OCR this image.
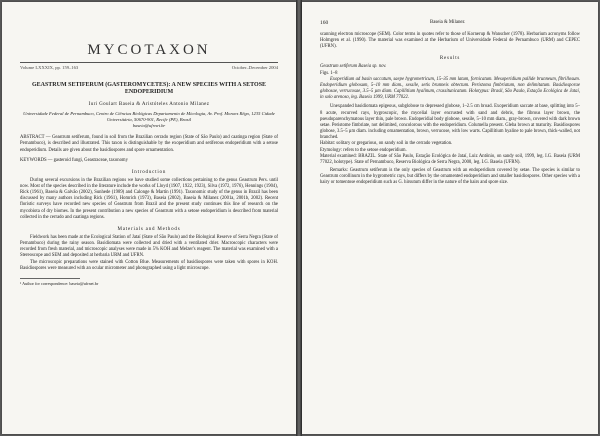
MYCOTAXON
Volume LXXXIX, pp. 159–163	October–December 2004
GEASTRUM SETIFERUM (GASTEROMYCETES): A NEW SPECIES WITH A SETOSE ENDOPERIDIUM
Iuri Goulart Baseia & Aristóteles Antonio Milanez
Universidade Federal de Pernambuco, Centro de Ciências Biológicas Departamento de Micologia, Av. Prof. Moraes Rêgo, 1235 Cidade Universitária, 50670-901, Recife (PE), Brasil
baseia@ufrnet.br

ABSTRACT — Geastrum setiferum, found in soil from the Brazilian cerrado region (State of São Paulo) and caatinga region (State of Pernambuco), is described and illustrated. This taxon is distinguishable by the exoperidium and setiferous endoperidium with a setose endoperidium. Details are given about the basidiospores and spore ornamentation.

KEYWORDS — gasteroid fungi, Geastraceae, taxonomy

Introduction

During several excursions in the Brazilian regions we have studied some collections pertaining to the genus Geastrum Pers. until now. Most of the species described in the literature include the works of Lloyd (1907, 1922, 1923), Silva (1972, 1976), Hennings (1904), Rick (1961), Baseia & Galvão (2002), Sunhede (1989) and Calonge & Martín (1991). Taxonomic study of the genus in Brazil has been discussed by many authors including Rick (1961), Homrich (1973), Baseia (2002), Baseia & Milanez (2001a, 2001b, 2002). Recent floristic surveys have recorded new species of Geastrum from Brazil and the present study continues this line of research on the mycobiota of dry biomes. In the present contribution a new species of Geastrum with a setose endoperidium is described from material collected in the cerrado and caatinga regions.

Materials and Methods

Fieldwork has been made at the Ecological Station of Jataí (State of São Paulo) and the Biological Reserve of Serra Negra (State of Pernambuco) during the rainy season. Basidiomata were collected and dried with a ventilated drier. Macroscopic characters were recorded from fresh material, and microscopic analyses were made in 5% KOH and Melzer's reagent. The material was examined with a Stereoscope and SEM and deposited at herbaria URM and UFRN.

The microscopic preparations were stained with Cotton Blue. Measurements of basidiospores were taken with spores in KOH. Basidiospores were measured with an ocular micrometer and photographed using a light microscope.

¹ Author for correspondence: baseia@ufrnet.br
160	Baseia & Milanez

scanning electron microscope (SEM). Color terms in quotes refer to those of Kornerup & Wanscher (1978). Herbarium acronyms follow Holmgren et al. (1990). The material was examined at the Herbarium of Universidade Federal de Pernambuco (URM) and CEPEC (UFRN).

Results

Geastrum setiferum Baseia sp. nov.

Figs. 1–8

Exoperidium ad basin saccatum, saepe hygrometricum, 15–35 mm latum, fornicatum. Mesoperidium pallide brunneum, fibrillosum. Endoperidium globosum, 5–10 mm diam., sessile, setis brunneis obtectum. Peristoma fimbriatum, non delimitatum. Basidiosporae globosae, verrucosae, 3.5–5 µm diam. Capillitium hyalinum, crassitunicatum. Holotypus: Brasil, São Paulo, Estação Ecológica de Jataí, in solo arenoso, leg. Baseia 1999, URM 77022.

Unexpanded basidiomata epigeous, subglobose to depressed globose, 1–2.5 cm broad. Exoperidium saccate at base, splitting into 5–8 acute, recurved rays, hygroscopic, the mycelial layer encrusted with sand and debris, the fibrous layer brown, the pseudoparenchymatous layer thin, pale brown. Endoperidial body globose, sessile, 5–10 mm diam., gray-brown, covered with dark brown setae. Peristome fimbriate, not delimited, concolorous with the endoperidium. Columella present. Gleba brown at maturity. Basidiospores globose, 3.5–5 µm diam. including ornamentation, brown, verrucose, with low warts. Capillitium hyaline to pale brown, thick-walled, not branched.

Habitat: solitary or gregarious, on sandy soil in the cerrado vegetation.

Etymology: refers to the setose endoperidium.

Material examined: BRAZIL. State of São Paulo, Estação Ecológica de Jataí, Luiz Antônio, on sandy soil, 1999, leg. I.G. Baseia (URM 77022, holotype). State of Pernambuco, Reserva Biológica de Serra Negra, 2000, leg. I.G. Baseia (UFRN).

Remarks: Geastrum setiferum is the only species of Geastrum with an endoperidium covered by setae. The species is similar to Geastrum corollinum in the hygrometric rays, but differs by the ornamented endoperidium and smaller basidiospores. Other species with a hairy or tomentose endoperidium such as G. hirsutum differ in the nature of the hairs and spore size.
